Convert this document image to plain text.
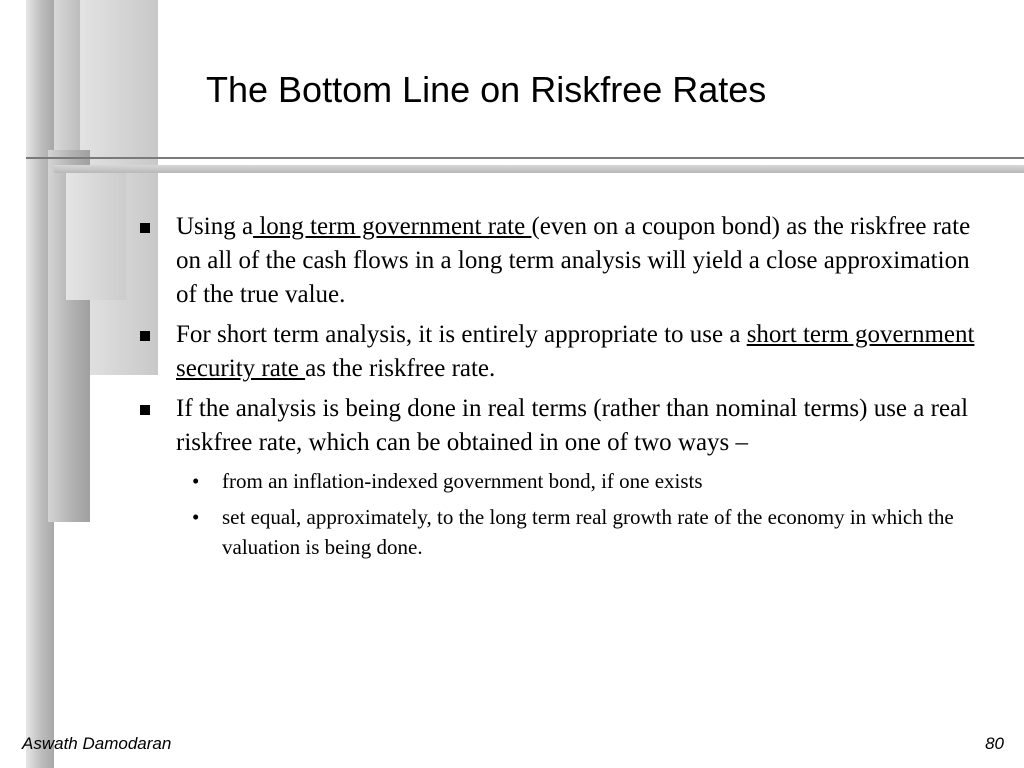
The Bottom Line on Riskfree Rates
Using a long term government rate (even on a coupon bond) as the riskfree rate on all of the cash flows in a long term analysis will yield a close approximation of the true value.
For short term analysis, it is entirely appropriate to use a short term government security rate as the riskfree rate.
If the analysis is being done in real terms (rather than nominal terms) use a real riskfree rate, which can be obtained in one of two ways –
• from an inflation-indexed government bond, if one exists
• set equal, approximately, to the long term real growth rate of the economy in which the valuation is being done.
Aswath Damodaran	80
